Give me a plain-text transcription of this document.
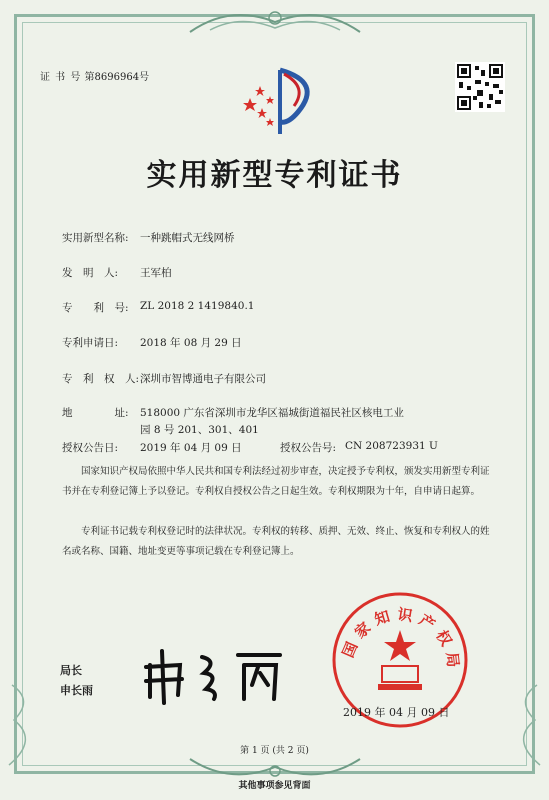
证 书 号 第8696964号
实用新型专利证书
实用新型名称: 一种跳帽式无线网桥
发　明　人: 王军柏
专　　利　号: ZL 2018 2 1419840.1
专利申请日: 2018 年 08 月 29 日
专　利　权　人: 深圳市智博通电子有限公司
地　　　　址: 518000 广东省深圳市龙华区福城街道福民社区核电工业
园 8 号 201、301、401
授权公告日: 2019 年 04 月 09 日	授权公告号: CN 208723931 U
国家知识产权局依照中华人民共和国专利法经过初步审查，决定授予专利权，颁发实用新型专利证书并在专利登记簿上予以登记。专利权自授权公告之日起生效。专利权期限为十年，自申请日起算。
专利证书记载专利权登记时的法律状况。专利权的转移、质押、无效、终止、恢复和专利权人的姓名或名称、国籍、地址变更等事项记载在专利登记簿上。
国家知识产权局
2019 年 04 月 09 日
局长
申长雨
第 1 页 (共 2 页)
其他事项参见背面
